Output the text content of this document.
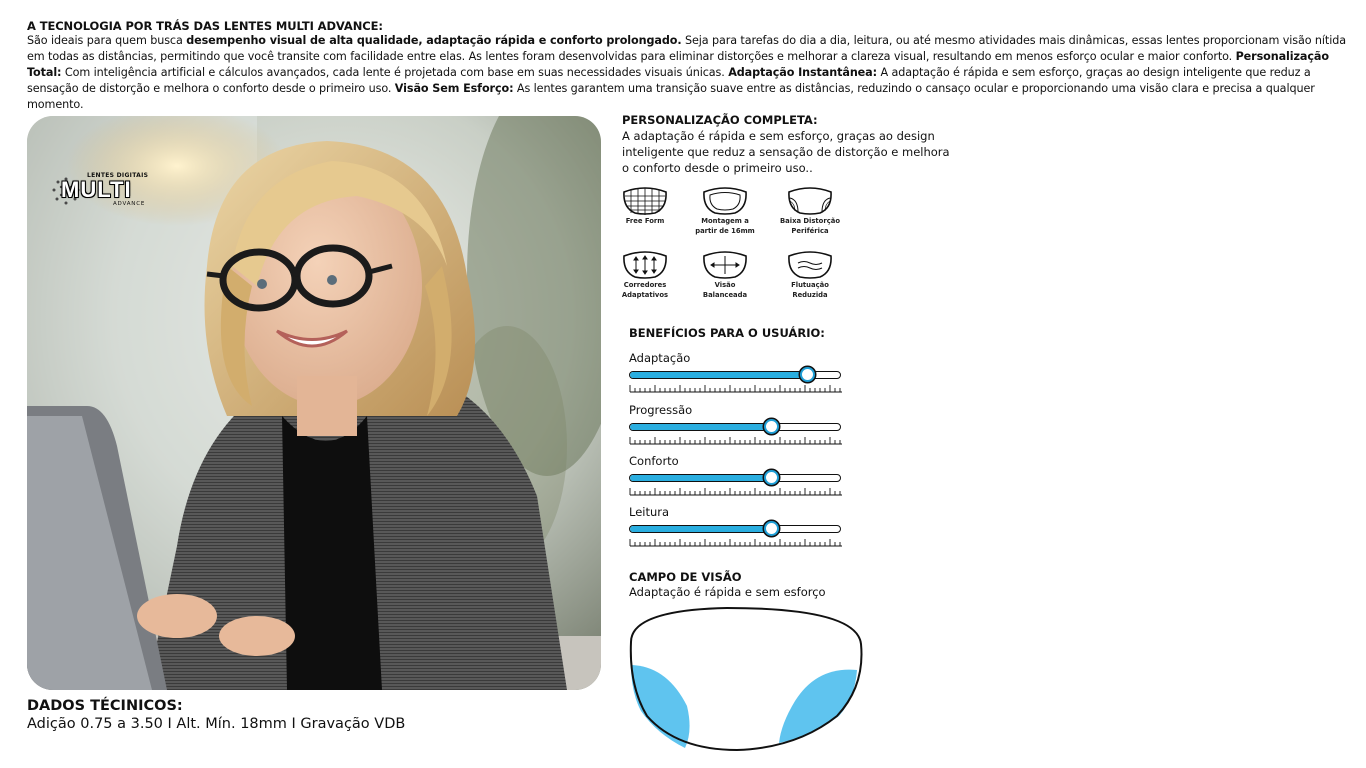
A TECNOLOGIA POR TRÁS DAS LENTES MULTI ADVANCE:

São ideais para quem busca desempenho visual de alta qualidade, adaptação rápida e conforto prolongado. Seja para tarefas do dia a dia, leitura, ou até mesmo atividades mais dinâmicas, essas lentes proporcionam visão nítida em todas as distâncias, permitindo que você transite com facilidade entre elas. As lentes foram desenvolvidas para eliminar distorções e melhorar a clareza visual, resultando em menos esforço ocular e maior conforto. Personalização Total: Com inteligência artificial e cálculos avançados, cada lente é projetada com base em suas necessidades visuais únicas. Adaptação Instantânea: A adaptação é rápida e sem esforço, graças ao design inteligente que reduz a sensação de distorção e melhora o conforto desde o primeiro uso. Visão Sem Esforço: As lentes garantem uma transição suave entre as distâncias, reduzindo o cansaço ocular e proporcionando uma visão clara e precisa a qualquer momento.

LENTES DIGITAIS
MULTI
ADVANCE
DADOS TÉCINICOS:
Adição 0.75 a 3.50 I Alt. Mín. 18mm I Gravação VDB
PERSONALIZAÇÃO COMPLETA:
A adaptação é rápida e sem esforço, graças ao design inteligente que reduz a sensação de distorção e melhora o conforto desde o primeiro uso..
Free Form	Montagem a
partir de 16mm
Baixa Distorção
Periférica
Corredores
Adaptativos
Visão
Balanceada
Flutuação
Reduzida
BENEFÍCIOS PARA O USUÁRIO:
Adaptação
Progressão
Conforto
Leitura
CAMPO DE VISÃO
Adaptação é rápida e sem esforço
